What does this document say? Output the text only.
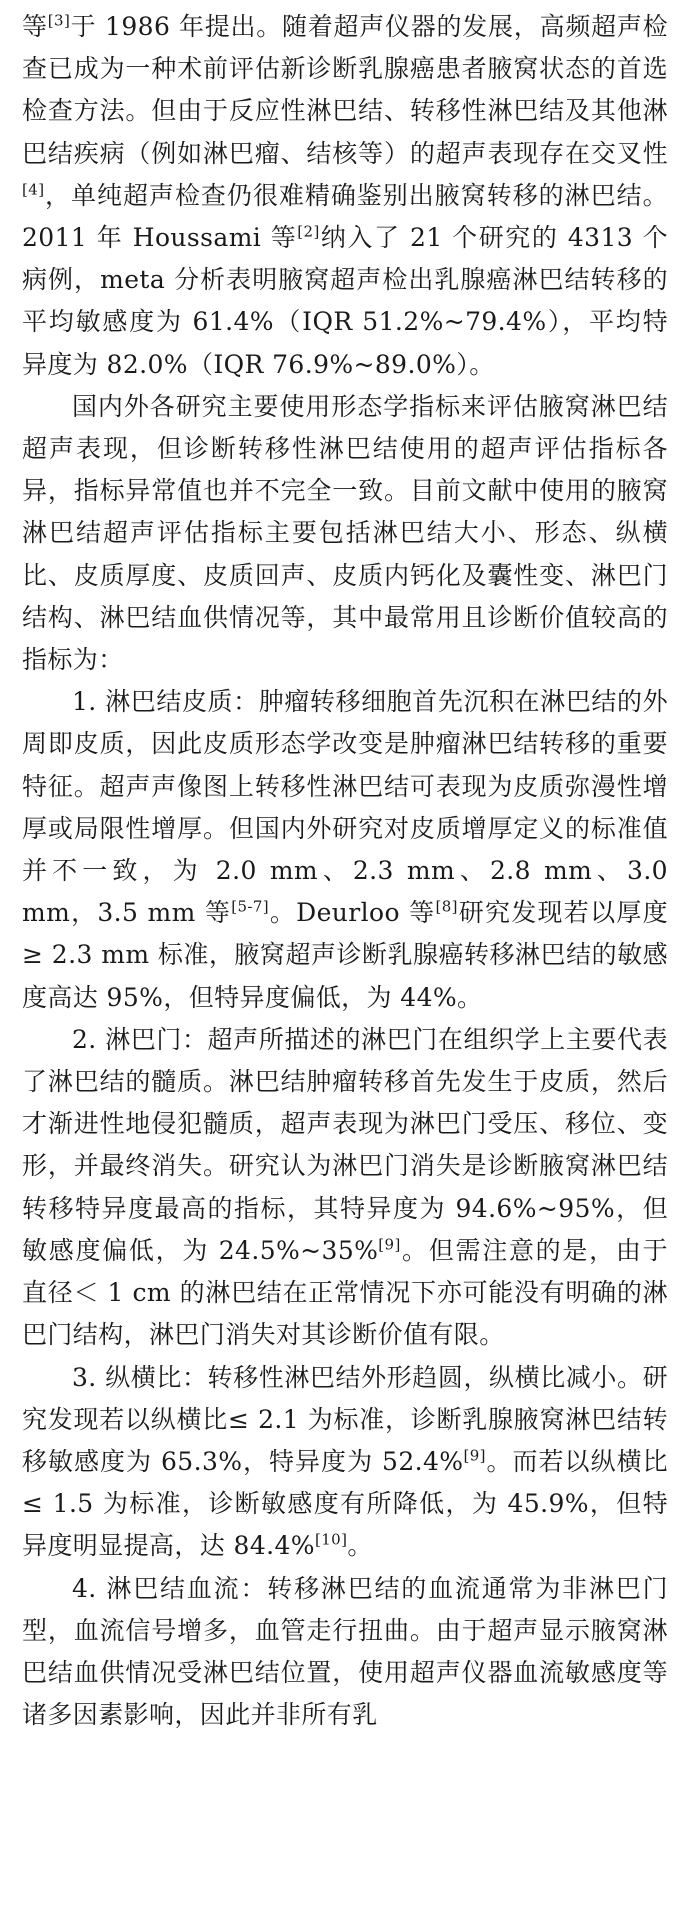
等[3]于 1986 年提出。随着超声仪器的发展，高频超声检查已成为一种术前评估新诊断乳腺癌患者腋窝状态的首选检查方法。但由于反应性淋巴结、转移性淋巴结及其他淋巴结疾病（例如淋巴瘤、结核等）的超声表现存在交叉性[4]，单纯超声检查仍很难精确鉴别出腋窝转移的淋巴结。2011 年 Houssami 等[2]纳入了 21 个研究的 4313 个病例，meta 分析表明腋窝超声检出乳腺癌淋巴结转移的平均敏感度为 61.4%（IQR 51.2%~79.4%），平均特异度为 82.0%（IQR 76.9%~89.0%）。

国内外各研究主要使用形态学指标来评估腋窝淋巴结超声表现，但诊断转移性淋巴结使用的超声评估指标各异，指标异常值也并不完全一致。目前文献中使用的腋窝淋巴结超声评估指标主要包括淋巴结大小、形态、纵横比、皮质厚度、皮质回声、皮质内钙化及囊性变、淋巴门结构、淋巴结血供情况等，其中最常用且诊断价值较高的指标为：

1. 淋巴结皮质：肿瘤转移细胞首先沉积在淋巴结的外周即皮质，因此皮质形态学改变是肿瘤淋巴结转移的重要特征。超声声像图上转移性淋巴结可表现为皮质弥漫性增厚或局限性增厚。但国内外研究对皮质增厚定义的标准值并不一致，为 2.0 mm、2.3 mm、2.8 mm、3.0 mm，3.5 mm 等[5-7]。Deurloo 等[8]研究发现若以厚度≥ 2.3 mm 标准，腋窝超声诊断乳腺癌转移淋巴结的敏感度高达 95%，但特异度偏低，为 44%。

2. 淋巴门：超声所描述的淋巴门在组织学上主要代表了淋巴结的髓质。淋巴结肿瘤转移首先发生于皮质，然后才渐进性地侵犯髓质，超声表现为淋巴门受压、移位、变形，并最终消失。研究认为淋巴门消失是诊断腋窝淋巴结转移特异度最高的指标，其特异度为 94.6%~95%，但敏感度偏低，为 24.5%~35%[9]。但需注意的是，由于直径＜ 1 cm 的淋巴结在正常情况下亦可能没有明确的淋巴门结构，淋巴门消失对其诊断价值有限。

3. 纵横比：转移性淋巴结外形趋圆，纵横比减小。研究发现若以纵横比≤ 2.1 为标准，诊断乳腺腋窝淋巴结转移敏感度为 65.3%，特异度为 52.4%[9]。而若以纵横比≤ 1.5 为标准，诊断敏感度有所降低，为 45.9%，但特异度明显提高，达 84.4%[10]。

4. 淋巴结血流：转移淋巴结的血流通常为非淋巴门型，血流信号增多，血管走行扭曲。由于超声显示腋窝淋巴结血供情况受淋巴结位置，使用超声仪器血流敏感度等诸多因素影响，因此并非所有乳
